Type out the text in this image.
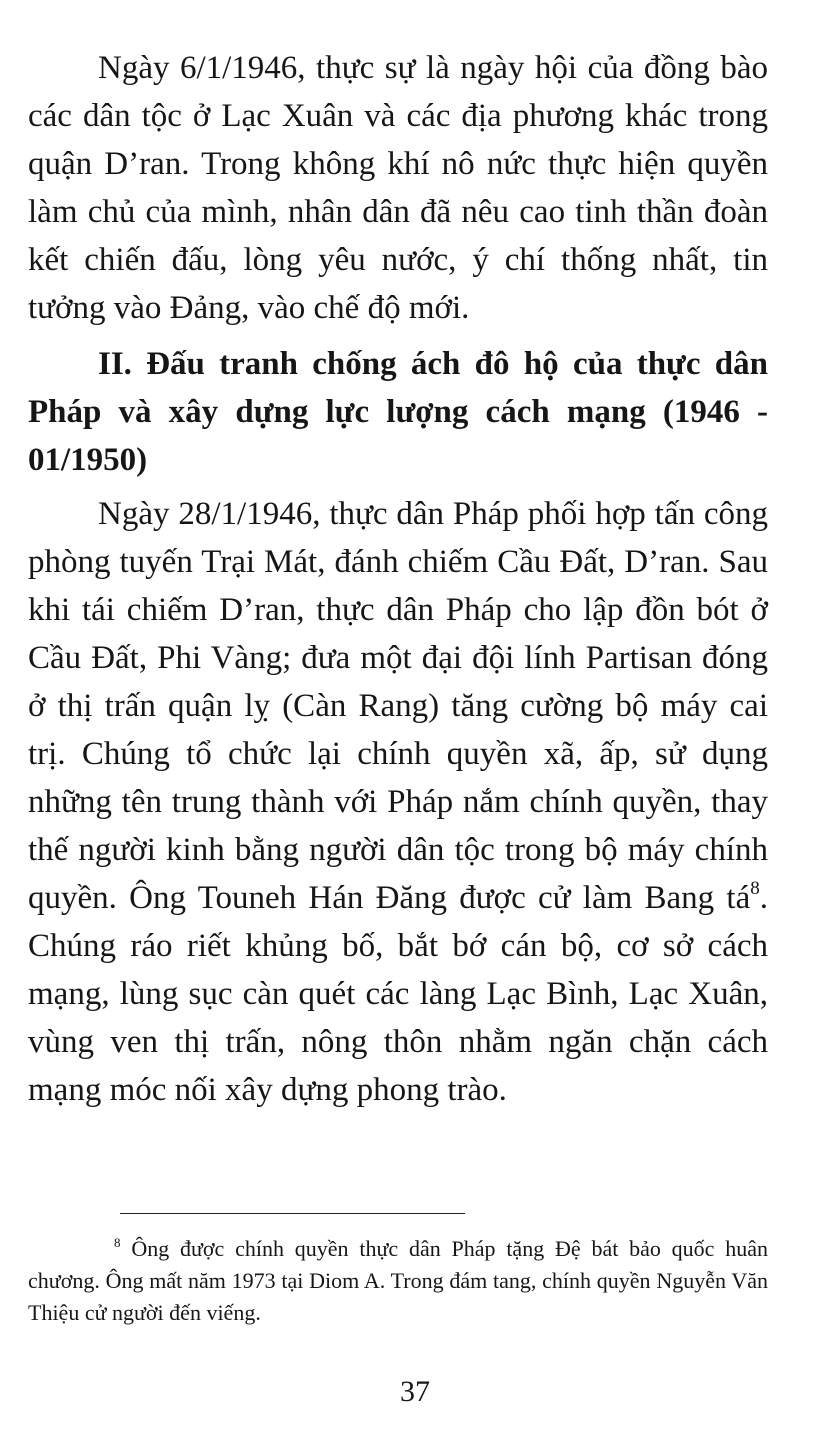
Ngày 6/1/1946, thực sự là ngày hội của đồng bào các dân tộc ở Lạc Xuân và các địa phương khác trong quận D’ran. Trong không khí nô nức thực hiện quyền làm chủ của mình, nhân dân đã nêu cao tinh thần đoàn kết chiến đấu, lòng yêu nước, ý chí thống nhất, tin tưởng vào Đảng, vào chế độ mới.

II. Đấu tranh chống ách đô hộ của thực dân Pháp và xây dựng lực lượng cách mạng (1946 - 01/1950)

Ngày 28/1/1946, thực dân Pháp phối hợp tấn công phòng tuyến Trại Mát, đánh chiếm Cầu Đất, D’ran. Sau khi tái chiếm D’ran, thực dân Pháp cho lập đồn bót ở Cầu Đất, Phi Vàng; đưa một đại đội lính Partisan đóng ở thị trấn quận lỵ (Càn Rang) tăng cường bộ máy cai trị. Chúng tổ chức lại chính quyền xã, ấp, sử dụng những tên trung thành với Pháp nắm chính quyền, thay thế người kinh bằng người dân tộc trong bộ máy chính quyền. Ông Touneh Hán Đăng được cử làm Bang $tá^8$. Chúng ráo riết khủng bố, bắt bớ cán bộ, cơ sở cách mạng, lùng sục càn quét các làng Lạc Bình, Lạc Xuân, vùng ven thị trấn, nông thôn nhằm ngăn chặn cách mạng móc nối xây dựng phong trào.

$^8$ Ông được chính quyền thực dân Pháp tặng Đệ bát bảo quốc huân chương. Ông mất năm 1973 tại Diom A. Trong đám tang, chính quyền Nguyễn Văn Thiệu cử người đến viếng.

37
